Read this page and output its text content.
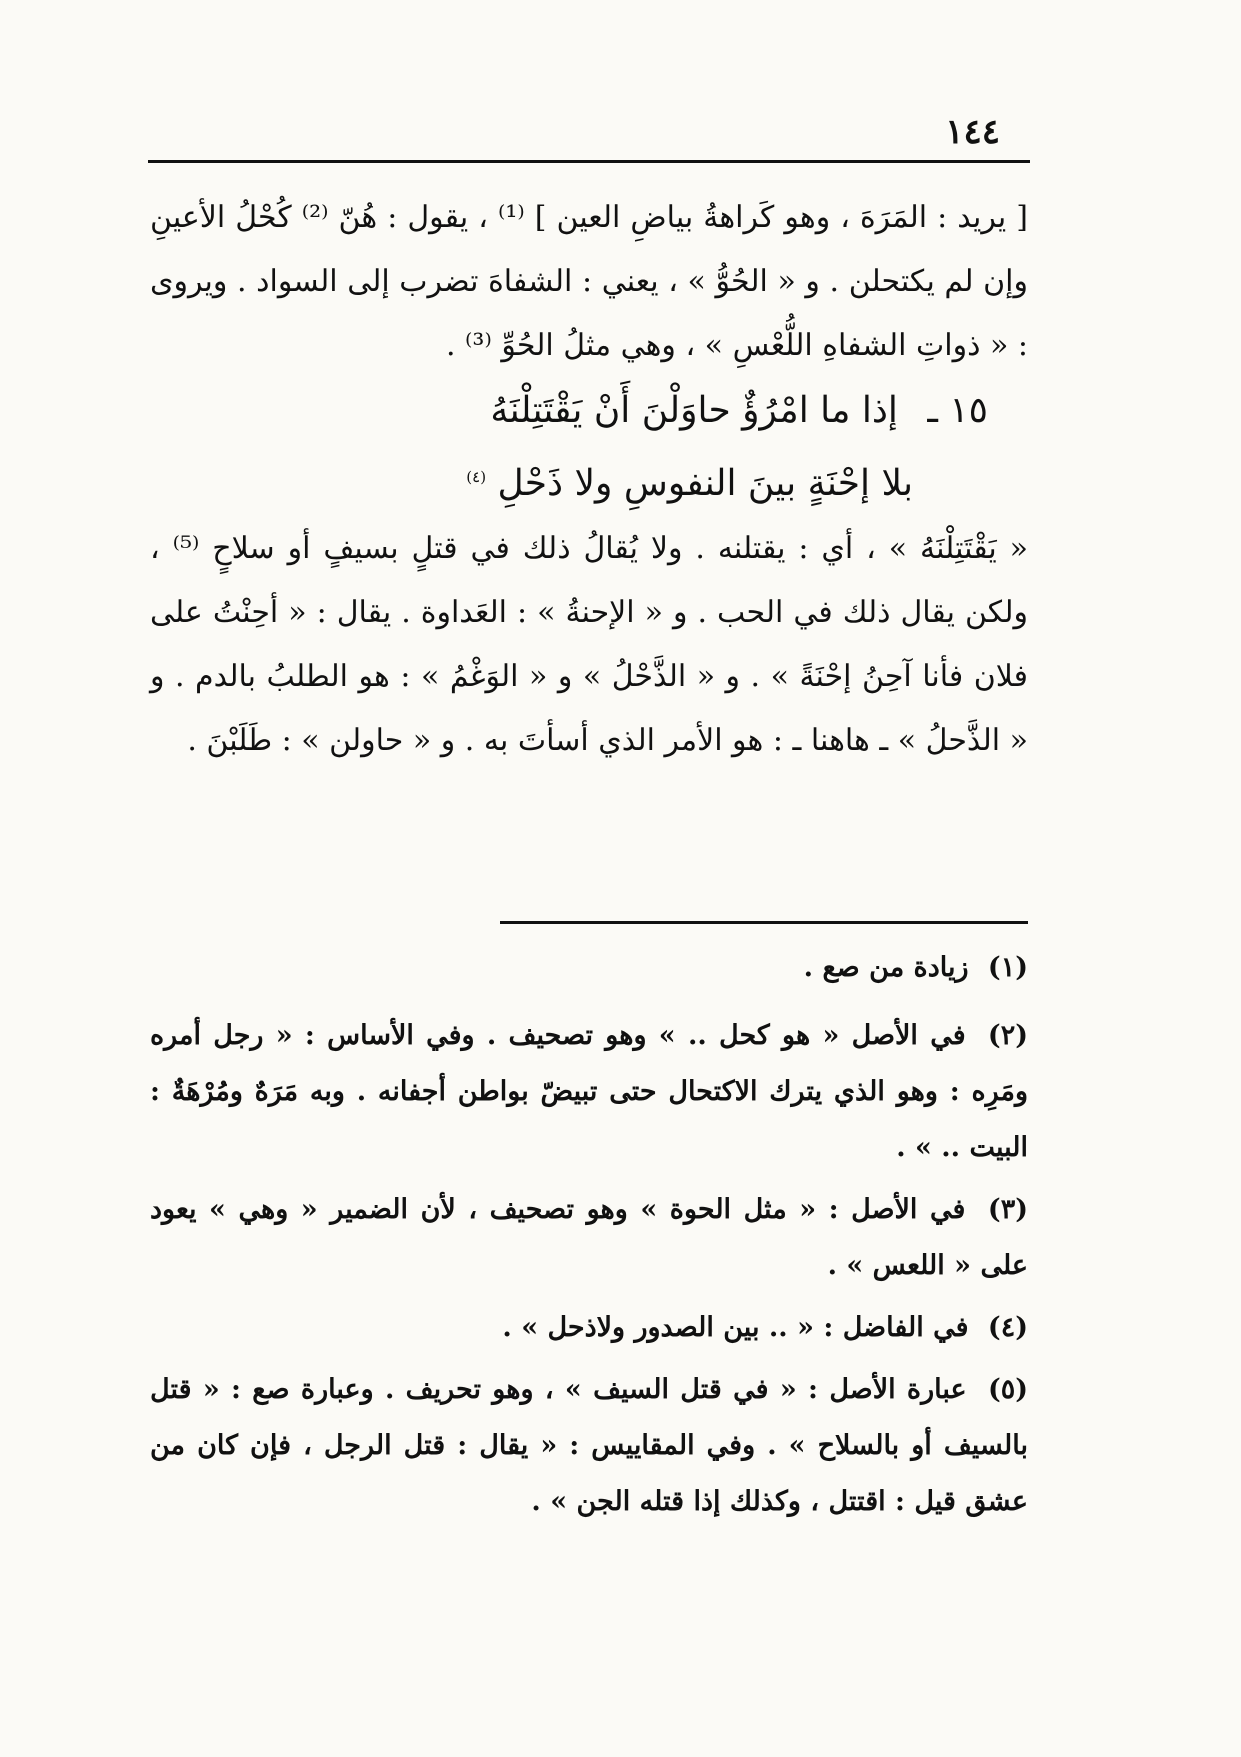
١٤٤

[ يريد : المَرَهَ ، وهو كَراهةُ بياضِ العين ] ⁽¹⁾ ، يقول : هُنّ ⁽²⁾ كُحْلُ الأعينِ وإن لم يكتحلن . و « الحُوُّ » ، يعني : الشفاهَ تضرب إلى السواد . ويروى : « ذواتِ الشفاهِ اللُّعْسِ » ، وهي مثلُ الحُوِّ ⁽³⁾ .

١٥ ـ إذا ما امْرُؤٌ حاوَلْنَ أَنْ يَقْتَتِلْنَهُ
بلا إحْنَةٍ بينَ النفوسِ ولا ذَحْلِ $^{(٤)}$

« يَقْتَتِلْنَهُ » ، أي : يقتلنه . ولا يُقالُ ذلك في قتلٍ بسيفٍ أو سلاحٍ ⁽⁵⁾ ، ولكن يقال ذلك في الحب . و « الإحنةُ » : العَداوة . يقال : « أحِنْتُ على فلان فأنا آحِنُ إحْنَةً » . و « الذَّحْلُ » و « الوَغْمُ » : هو الطلبُ بالدم . و « الذَّحلُ » ـ هاهنا ـ : هو الأمر الذي أسأتَ به . و « حاولن » : طَلَبْنَ .

(١) زيادة من صع .

(٢) في الأصل « هو كحل .. » وهو تصحيف . وفي الأساس : « رجل أمره ومَرِه : وهو الذي يترك الاكتحال حتى تبيضّ بواطن أجفانه . وبه مَرَهٌ ومُرْهَةٌ : البيت .. » .

(٣) في الأصل : « مثل الحوة » وهو تصحيف ، لأن الضمير « وهي » يعود على « اللعس » .

(٤) في الفاضل : « .. بين الصدور ولاذحل » .

(٥) عبارة الأصل : « في قتل السيف » ، وهو تحريف . وعبارة صع : « قتل بالسيف أو بالسلاح » . وفي المقاييس : « يقال : قتل الرجل ، فإن كان من عشق قيل : اقتتل ، وكذلك إذا قتله الجن » .
